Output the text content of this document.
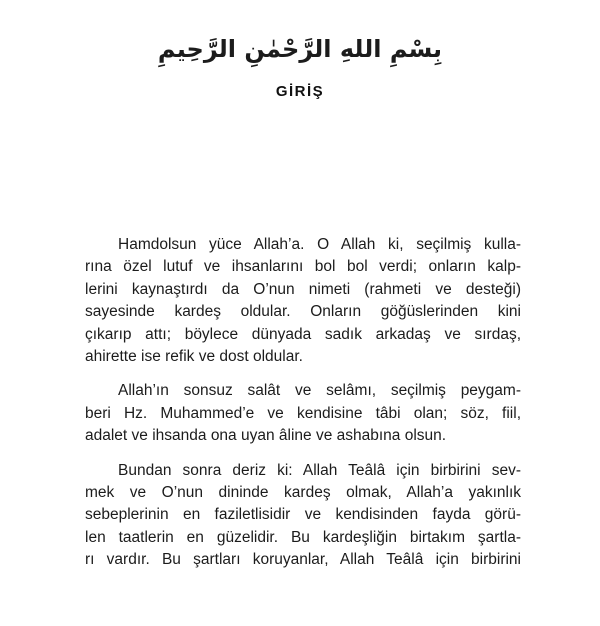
بِسْمِ اللهِ الرَّحْمٰنِ الرَّحِيمِ
GİRİŞ
Hamdolsun yüce Allah’a. O Allah ki, seçilmiş kulla-
rına özel lutuf ve ihsanlarını bol bol verdi; onların kalp-
lerini kaynaştırdı da O’nun nimeti (rahmeti ve desteği)
sayesinde kardeş oldular. Onların göğüslerinden kini
çıkarıp attı; böylece dünyada sadık arkadaş ve sırdaş,
ahirette ise refik ve dost oldular.
Allah’ın sonsuz salât ve selâmı, seçilmiş peygam-
beri Hz. Muhammed’e ve kendisine tâbi olan; söz, fiil,
adalet ve ihsanda ona uyan âline ve ashabına olsun.
Bundan sonra deriz ki: Allah Teâlâ için birbirini sev-
mek ve O’nun dininde kardeş olmak, Allah’a yakınlık
sebeplerinin en faziletlisidir ve kendisinden fayda görü-
len taatlerin en güzelidir. Bu kardeşliğin birtakım şartla-
rı vardır. Bu şartları koruyanlar, Allah Teâlâ için birbirini
